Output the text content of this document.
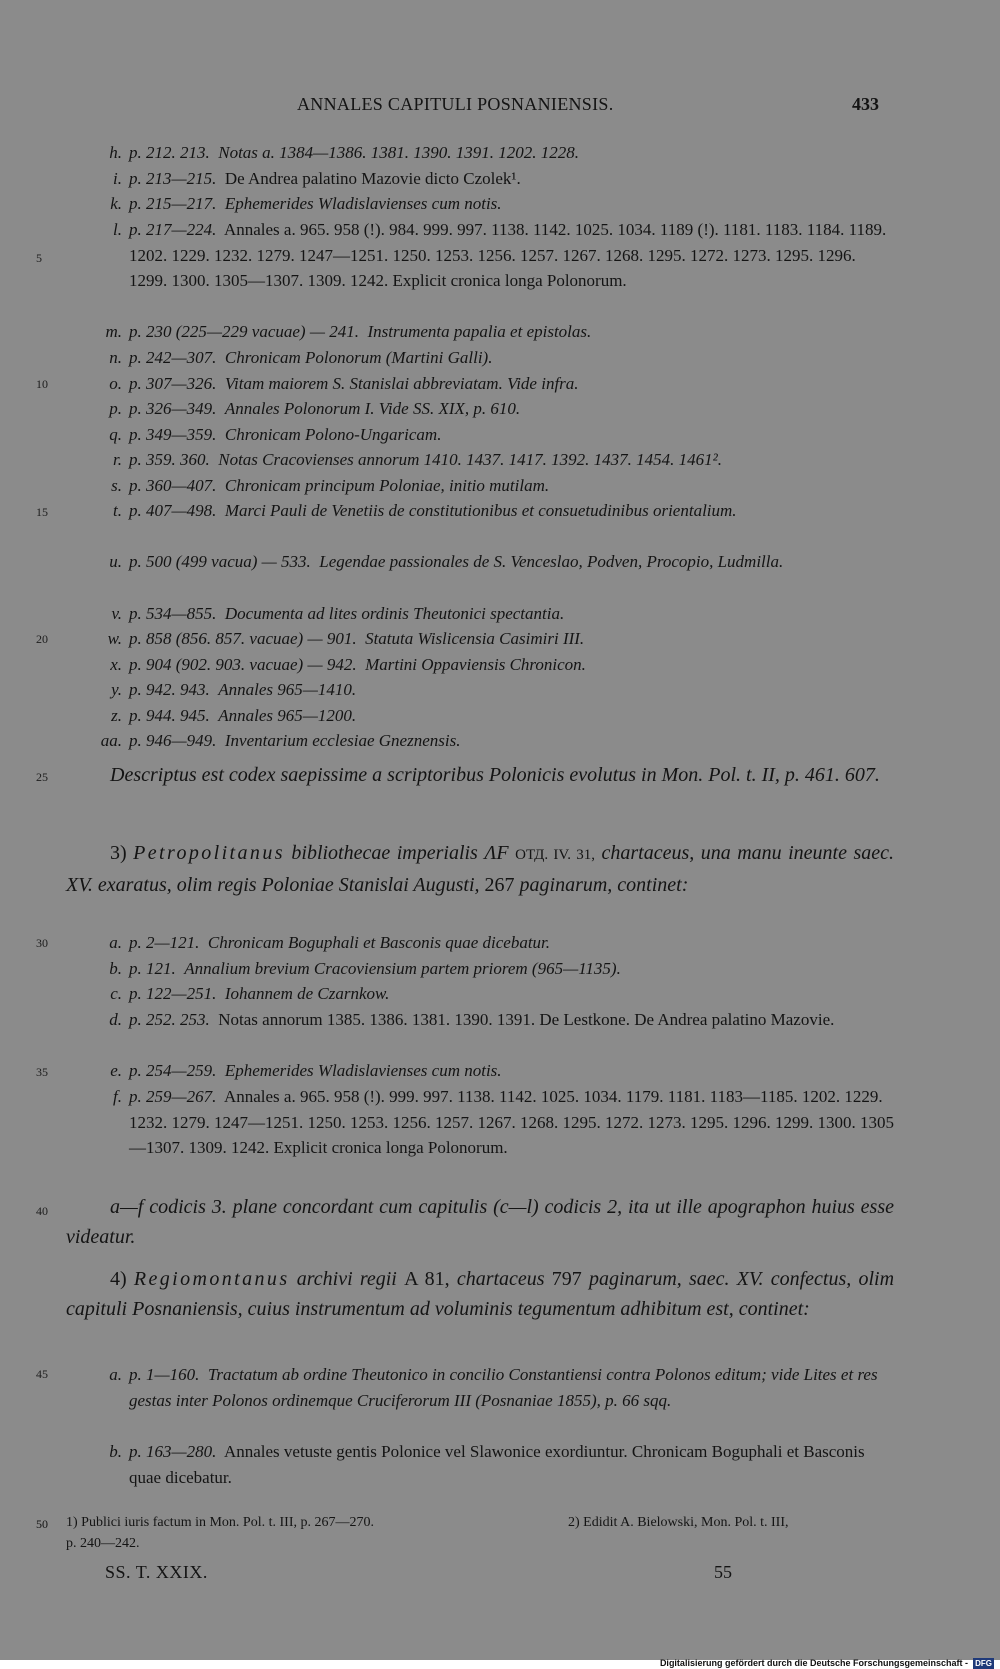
ANNALES CAPITULI POSNANIENSIS.	433
5
10
15
20
25
30
35
40
45
h. p. 212. 213. Notas a. 1384—1386. 1381. 1390. 1391. 1202. 1228.
i. p. 213—215. De Andrea palatino Mazovie dicto Czolek¹.
k. p. 215—217. Ephemerides Wladislavienses cum notis.
l. p. 217—224. Annales a. 965. 958 (!). 984. 999. 997. 1138. 1142. 1025. 1034. 1189 (!). 1181. 1183. 1184. 1189. 1202. 1229. 1232. 1279. 1247—1251. 1250. 1253. 1256. 1257. 1267. 1268. 1295. 1272. 1273. 1295. 1296. 1299. 1300. 1305—1307. 1309. 1242. Explicit cronica longa Polonorum.
m. p. 230 (225—229 vacuae) — 241. Instrumenta papalia et epistolas.
n. p. 242—307. Chronicam Polonorum (Martini Galli).
o. p. 307—326. Vitam maiorem S. Stanislai abbreviatam. Vide infra.
p. p. 326—349. Annales Polonorum I. Vide SS. XIX, p. 610.
q. p. 349—359. Chronicam Polono-Ungaricam.
r. p. 359. 360. Notas Cracovienses annorum 1410. 1437. 1417. 1392. 1437. 1454. 1461².
s. p. 360—407. Chronicam principum Poloniae, initio mutilam.
t. p. 407—498. Marci Pauli de Venetiis de constitutionibus et consuetudinibus orientalium.
u. p. 500 (499 vacua) — 533. Legendae passionales de S. Venceslao, Podven, Procopio, Ludmilla.
v. p. 534—855. Documenta ad lites ordinis Theutonici spectantia.
w. p. 858 (856. 857. vacuae) — 901. Statuta Wislicensia Casimiri III.
x. p. 904 (902. 903. vacuae) — 942. Martini Oppaviensis Chronicon.
y. p. 942. 943. Annales 965—1410.
z. p. 944. 945. Annales 965—1200.
aa. p. 946—949. Inventarium ecclesiae Gneznensis.
Descriptus est codex saepissime a scriptoribus Polonicis evolutus in Mon. Pol. t. II, p. 461. 607.
3) Petropolitanus bibliothecae imperialis ΛF ОТД. IV. 31, chartaceus, una manu ineunte saec. XV. exaratus, olim regis Poloniae Stanislai Augusti, 267 paginarum, continet:
a. p. 2—121. Chronicam Boguphali et Basconis quae dicebatur.
b. p. 121. Annalium brevium Cracoviensium partem priorem (965—1135).
c. p. 122—251. Iohannem de Czarnkow.
d. p. 252. 253. Notas annorum 1385. 1386. 1381. 1390. 1391. De Lestkone. De Andrea palatino Mazovie.
e. p. 254—259. Ephemerides Wladislavienses cum notis.
f. p. 259—267. Annales a. 965. 958 (!). 999. 997. 1138. 1142. 1025. 1034. 1179. 1181. 1183—1185. 1202. 1229. 1232. 1279. 1247—1251. 1250. 1253. 1256. 1257. 1267. 1268. 1295. 1272. 1273. 1295. 1296. 1299. 1300. 1305—1307. 1309. 1242. Explicit cronica longa Polonorum.
a—f codicis 3. plane concordant cum capitulis (c—l) codicis 2, ita ut ille apographon huius esse videatur.
4) Regiomontanus archivi regii A 81, chartaceus 797 paginarum, saec. XV. confectus, olim capituli Posnaniensis, cuius instrumentum ad voluminis tegumentum adhibitum est, continet:
a. p. 1—160. Tractatum ab ordine Theutonico in concilio Constantiensi contra Polonos editum; vide Lites et res gestas inter Polonos ordinemque Cruciferorum III (Posnaniae 1855), p. 66 sqq.
b. p. 163—280. Annales vetuste gentis Polonice vel Slawonice exordiuntur. Chronicam Boguphali et Basconis quae dicebatur.
50 1) Publici iuris factum in Mon. Pol. t. III, p. 267—270.	2) Edidit A. Bielowski, Mon. Pol. t. III,
p. 240—242.
SS. T. XXIX.	55
Digitalisierung gefördert durch die Deutsche Forschungsgemeinschaft - DFG
